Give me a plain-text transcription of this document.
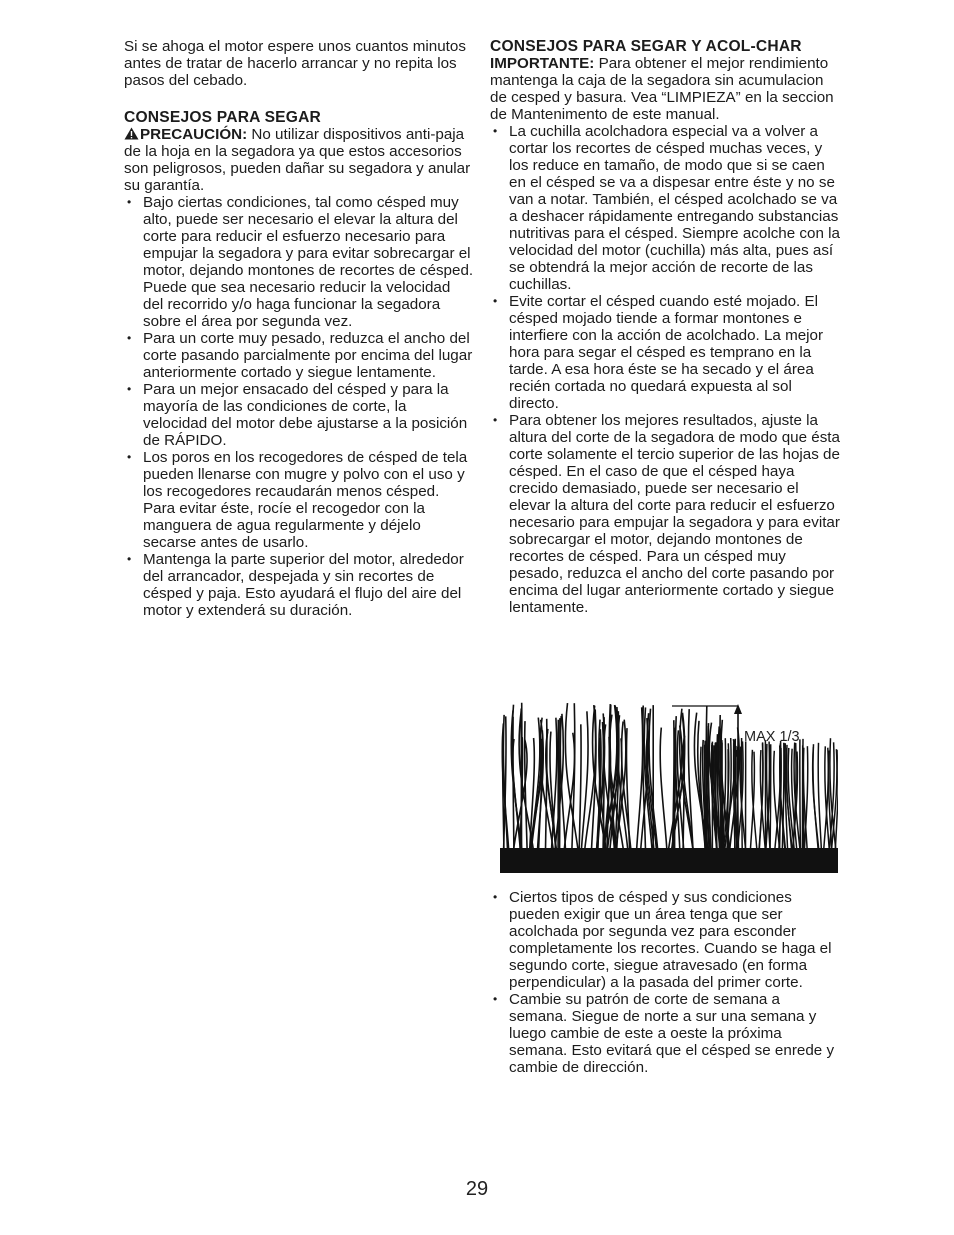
Si se ahoga el motor espere unos cuantos minutos antes de tratar de hacerlo arrancar y no repita los pasos del cebado.

CONSEJOS PARA SEGAR

PRECAUCIÓN: No utilizar dispositivos anti-paja de la hoja en la segadora ya que estos accesorios son peligrosos, pueden dañar su segadora y anular su garantía.

• Bajo ciertas condiciones, tal como césped muy alto, puede ser necesario el elevar la altura del corte para reducir el esfuerzo necesario para empujar la segadora y para evitar sobrecargar el motor, dejando montones de recortes de césped. Puede que sea necesario reducir la velocidad del recorrido y/o haga funcionar la segadora sobre el área por segunda vez.
• Para un corte muy pesado, reduzca el ancho del corte pasando parcialmente por encima del lugar anteriormente cortado y siegue lentamente.
• Para un mejor ensacado del césped y para la mayoría de las condiciones de corte, la velocidad del motor debe ajustarse a la posición de RÁPIDO.
• Los poros en los recogedores de césped de tela pueden llenarse con mugre y polvo con el uso y los recogedores recaudarán menos césped. Para evitar éste, rocíe el recogedor con la manguera de agua regularmente y déjelo secarse antes de usarlo.
• Mantenga la parte superior del motor, alrededor del arrancador, despejada y sin recortes de césped y paja. Esto ayudará el flujo del aire del motor y extenderá su duración.

CONSEJOS PARA SEGAR Y ACOL-CHAR

IMPORTANTE: Para obtener el mejor rendimiento mantenga la caja de la segadora sin acumulacion de cesped y basura. Vea “LIMPIEZA” en la seccion de Mantenimento de este manual.

• La cuchilla acolchadora especial va a volver a cortar los recortes de césped muchas veces, y los reduce en tamaño, de modo que si se caen en el césped se va a dispesar entre éste y no se van a notar. También, el césped acolchado se va a deshacer rápidamente entregando substancias nutritivas para el césped. Siempre acolche con la velocidad del motor (cuchilla) más alta, pues así se obtendrá la mejor acción de recorte de las cuchillas.
• Evite cortar el césped cuando esté mojado. El césped mojado tiende a formar montones e interfiere con la acción de acolchado. La mejor hora para segar el césped es temprano en la tarde. A esa hora éste se ha secado y el área recién cortada no quedará expuesta al sol directo.
• Para obtener los mejores resultados, ajuste la altura del corte de la segadora de modo que ésta corte solamente el tercio superior de las hojas de césped. En el caso de que el césped haya crecido demasiado, puede ser necesario el elevar la altura del corte para reducir el esfuerzo necesario para empujar la segadora y para evitar sobrecargar el motor, dejando montones de recortes de césped. Para un césped muy pesado, reduzca el ancho del corte pasando por encima del lugar anteriormente cortado y siegue lentamente.
MAX 1/3
• Ciertos tipos de césped y sus condiciones pueden exigir que un área tenga que ser acolchada por segunda vez para esconder completamente los recortes. Cuando se haga el segundo corte, siegue atravesado (en forma perpendicular) a la pasada del primer corte.
• Cambie su patrón de corte de semana a semana. Siegue de norte a sur una semana y luego cambie de este a oeste la próxima semana. Esto evitará que el césped se enrede y cambie de dirección.
29
